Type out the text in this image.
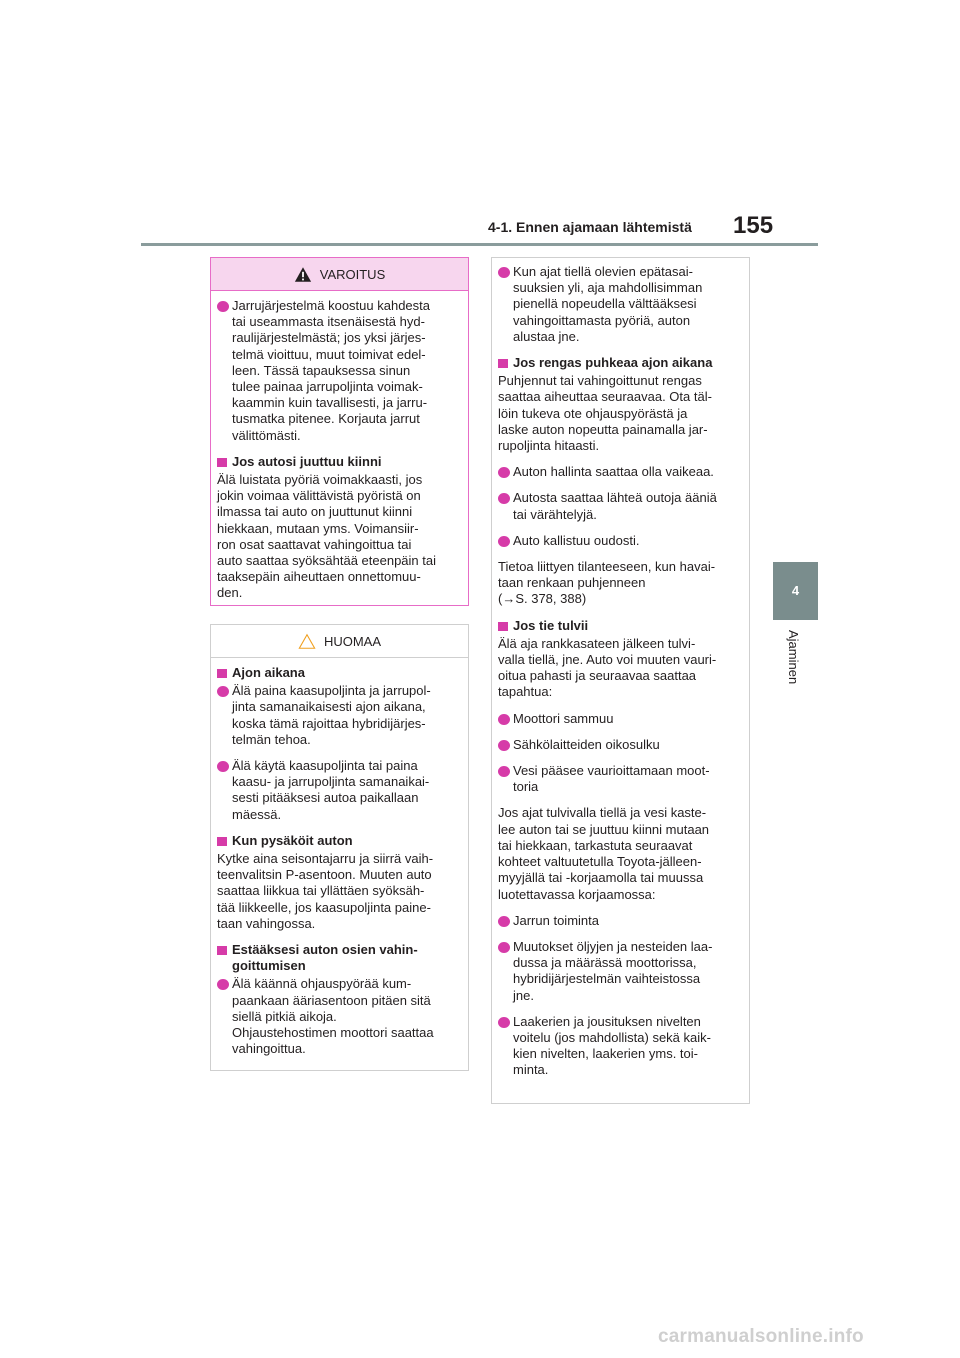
4-1. Ennen ajamaan lähtemistä 155
4
Ajaminen
VAROITUS
Jarrujärjestelmä koostuu kahdesta
tai useammasta itsenäisestä hyd-
raulijärjestelmästä; jos yksi järjes-
telmä vioittuu, muut toimivat edel-
leen. Tässä tapauksessa sinun
tulee painaa jarrupoljinta voimak-
kaammin kuin tavallisesti, ja jarru-
tusmatka pitenee. Korjauta jarrut
välittömästi.
Jos autosi juuttuu kiinni
Älä luistata pyöriä voimakkaasti, jos
jokin voimaa välittävistä pyöristä on
ilmassa tai auto on juuttunut kiinni
hiekkaan, mutaan yms. Voimansiir-
ron osat saattavat vahingoittua tai
auto saattaa syöksähtää eteenpäin tai
taaksepäin aiheuttaen onnettomuu-
den.
HUOMAA
Ajon aikana
Älä paina kaasupoljinta ja jarrupol-
jinta samanaikaisesti ajon aikana,
koska tämä rajoittaa hybridijärjes-
telmän tehoa.
Älä käytä kaasupoljinta tai paina
kaasu- ja jarrupoljinta samanaikai-
sesti pitääksesi autoa paikallaan
mäessä.
Kun pysäköit auton
Kytke aina seisontajarru ja siirrä vaih-
teenvalitsin P-asentoon. Muuten auto
saattaa liikkua tai yllättäen syöksäh-
tää liikkeelle, jos kaasupoljinta paine-
taan vahingossa.
Estääksesi auton osien vahin-
goittumisen
Älä käännä ohjauspyörää kum-
paankaan ääriasentoon pitäen sitä
siellä pitkiä aikoja.
Ohjaustehostimen moottori saattaa
vahingoittua.
Kun ajat tiellä olevien epätasai-
suuksien yli, aja mahdollisimman
pienellä nopeudella välttääksesi
vahingoittamasta pyöriä, auton
alustaa jne.
Jos rengas puhkeaa ajon aikana
Puhjennut tai vahingoittunut rengas
saattaa aiheuttaa seuraavaa. Ota täl-
löin tukeva ote ohjauspyörästä ja
laske auton nopeutta painamalla jar-
rupoljinta hitaasti.
Auton hallinta saattaa olla vaikeaa.
Autosta saattaa lähteä outoja ääniä
tai värähtelyjä.
Auto kallistuu oudosti.
Tietoa liittyen tilanteeseen, kun havai-
taan renkaan puhjenneen
(→S. 378, 388)
Jos tie tulvii
Älä aja rankkasateen jälkeen tulvi-
valla tiellä, jne. Auto voi muuten vauri-
oitua pahasti ja seuraavaa saattaa
tapahtua:
Moottori sammuu
Sähkölaitteiden oikosulku
Vesi pääsee vaurioittamaan moot-
toria
Jos ajat tulvivalla tiellä ja vesi kaste-
lee auton tai se juuttuu kiinni mutaan
tai hiekkaan, tarkastuta seuraavat
kohteet valtuutetulla Toyota-jälleen-
myyjällä tai -korjaamolla tai muussa
luotettavassa korjaamossa:
Jarrun toiminta
Muutokset öljyjen ja nesteiden laa-
dussa ja määrässä moottorissa,
hybridijärjestelmän vaihteistossa
jne.
Laakerien ja jousituksen nivelten
voitelu (jos mahdollista) sekä kaik-
kien nivelten, laakerien yms. toi-
minta.
carmanualsonline.info
